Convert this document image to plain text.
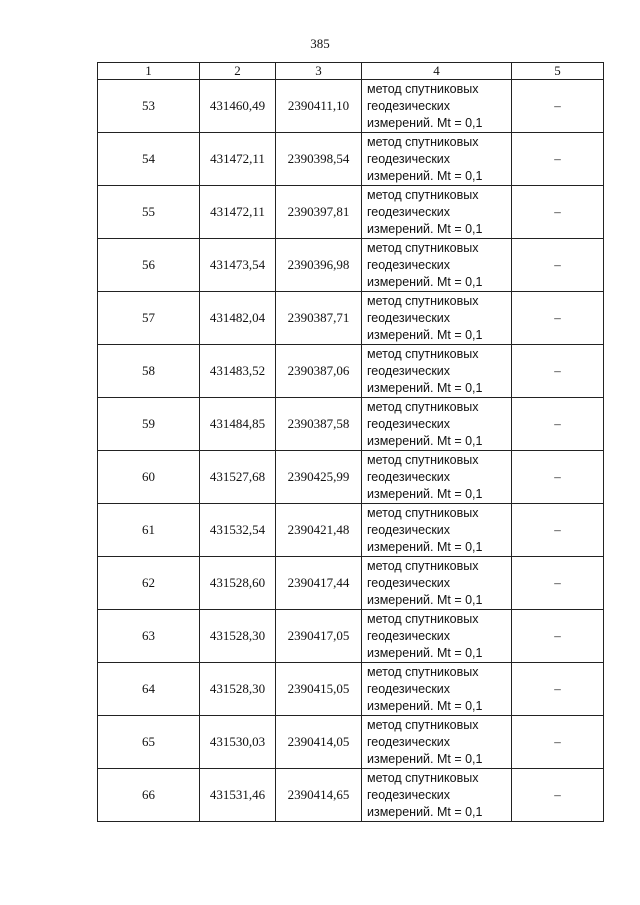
385
1	2	3	4	5
53	431460,49	2390411,10	метод спутниковых
геодезических
измерений. Mt = 0,1	–
54	431472,11	2390398,54	метод спутниковых
геодезических
измерений. Mt = 0,1	–
55	431472,11	2390397,81	метод спутниковых
геодезических
измерений. Mt = 0,1	–
56	431473,54	2390396,98	метод спутниковых
геодезических
измерений. Mt = 0,1	–
57	431482,04	2390387,71	метод спутниковых
геодезических
измерений. Mt = 0,1	–
58	431483,52	2390387,06	метод спутниковых
геодезических
измерений. Mt = 0,1	–
59	431484,85	2390387,58	метод спутниковых
геодезических
измерений. Mt = 0,1	–
60	431527,68	2390425,99	метод спутниковых
геодезических
измерений. Mt = 0,1	–
61	431532,54	2390421,48	метод спутниковых
геодезических
измерений. Mt = 0,1	–
62	431528,60	2390417,44	метод спутниковых
геодезических
измерений. Mt = 0,1	–
63	431528,30	2390417,05	метод спутниковых
геодезических
измерений. Mt = 0,1	–
64	431528,30	2390415,05	метод спутниковых
геодезических
измерений. Mt = 0,1	–
65	431530,03	2390414,05	метод спутниковых
геодезических
измерений. Mt = 0,1	–
66	431531,46	2390414,65	метод спутниковых
геодезических
измерений. Mt = 0,1	–
